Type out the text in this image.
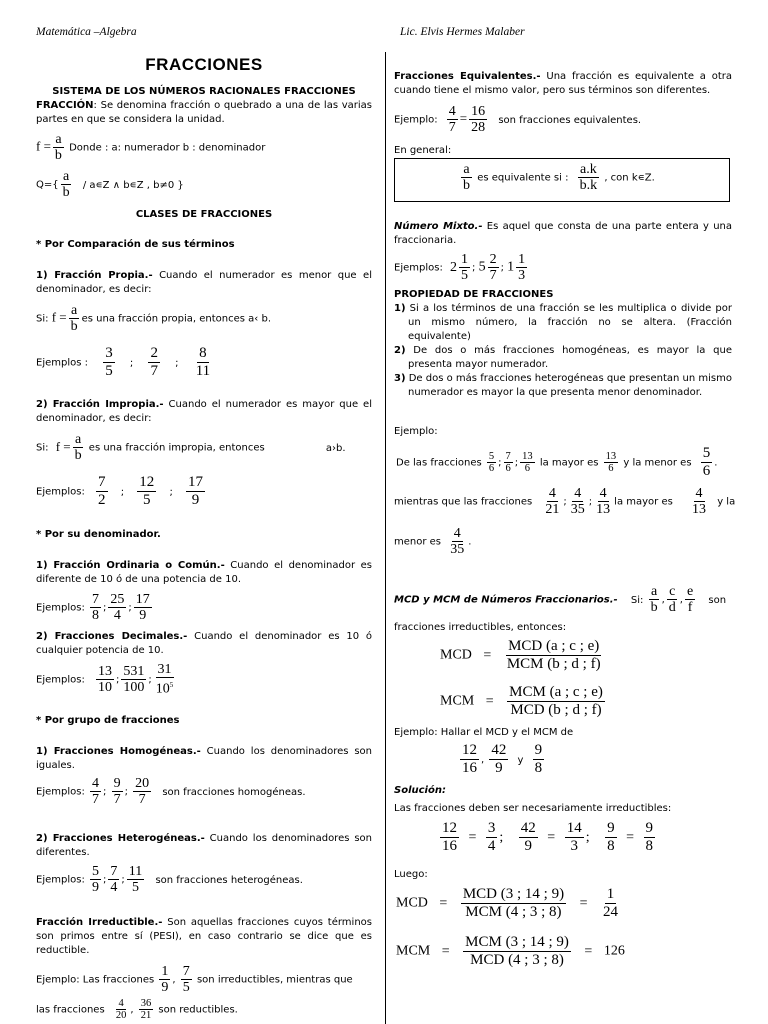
Matemática –Algebra	Lic. Elvis Hermes Malaber
FRACCIONES
SISTEMA DE LOS NÚMEROS RACIONALES FRACCIONES
FRACCIÓN: Se denomina fracción o quebrado a una de las varias partes en que se considera la unidad.
$f = \frac{a}{b}$ Donde : a: numerador b : denominador
$Q=\{ \frac{a}{b}$ / a∊Z ∧ b∊Z , b≠0 }
CLASES DE FRACCIONES
* Por Comparación de sus términos
1) Fracción Propia.- Cuando el numerador es menor que el denominador, es decir:
Si: $f = \frac{a}{b}$ es una fracción propia, entonces a‹ b.
Ejemplos : $\frac{3}{5}$ ; $\frac{2}{7}$ ; $\frac{8}{11}$
2) Fracción Impropia.- Cuando el numerador es mayor que el denominador, es decir:
Si: $f = \frac{a}{b}$ es una fracción impropia, entonces	a›b.
Ejemplos: $\frac{7}{2}$ ; $\frac{12}{5}$ ; $\frac{17}{9}$
* Por su denominador.
1) Fracción Ordinaria o Común.- Cuando el denominador es diferente de 10 ó de una potencia de 10.
Ejemplos: $\frac{7}{8}$ ; $\frac{25}{4}$ ; $\frac{17}{9}$
2) Fracciones Decimales.- Cuando el denominador es 10 ó cualquier potencia de 10.
Ejemplos: $\frac{13}{10}$ ; $\frac{531}{100}$ ; $\frac{31}{10^5}$
* Por grupo de fracciones
1) Fracciones Homogéneas.- Cuando los denominadores son iguales.
Ejemplos: $\frac{4}{7}$ ; $\frac{9}{7}$ ; $\frac{20}{7}$ son fracciones homogéneas.
2) Fracciones Heterogéneas.- Cuando los denominadores son diferentes.
Ejemplos: $\frac{5}{9}$ ; $\frac{7}{4}$ ; $\frac{11}{5}$ son fracciones heterogéneas.
Fracción Irreductible.- Son aquellas fracciones cuyos términos son primos entre sí (PESI), en caso contrario se dice que es reductible.
Ejemplo: Las fracciones $\frac{1}{9}$ , $\frac{7}{5}$ son irreductibles, mientras que
las fracciones $\frac{4}{20}$ , $\frac{36}{21}$ son reductibles.
Fracciones Equivalentes.- Una fracción es equivalente a otra cuando tiene el mismo valor, pero sus términos son diferentes.
Ejemplo: $\frac{4}{7} = \frac{16}{28}$ son fracciones equivalentes.
En general:
$\frac{a}{b}$ es equivalente si : $\frac{a.k}{b.k}$ , con k∊Z.
Número Mixto.- Es aquel que consta de una parte entera y una fraccionaria.
Ejemplos: $2 \frac{1}{5}$ ; $5 \frac{2}{7}$ ; $1 \frac{1}{3}$
PROPIEDAD DE FRACCIONES
1) Si a los términos de una fracción se les multiplica o divide por un mismo número, la fracción no se altera. (Fracción equivalente)
2) De dos o más fracciones homogéneas, es mayor la que presenta mayor numerador.
3) De dos o más fracciones heterogéneas que presentan un mismo numerador es mayor la que presenta menor denominador.
Ejemplo:
De las fracciones $\frac{5}{6}$ ; $\frac{7}{6}$ ; $\frac{13}{6}$ la mayor es $\frac{13}{6}$ y la menor es $\frac{5}{6}$ .
mientras que las fracciones $\frac{4}{21}$ ; $\frac{4}{35}$ ; $\frac{4}{13}$ la mayor es $\frac{4}{13}$ y la
menor es $\frac{4}{35}$ .
MCD y MCM de Números Fraccionarios.- Si: $\frac{a}{b}$ , $\frac{c}{d}$ , $\frac{e}{f}$ son
fracciones irreductibles, entonces:
MCD = $\frac{\text{MCD (a ; c ; e)}}{\text{MCM (b ; d ; f)}}$
MCM = $\frac{\text{MCM (a ; c ; e)}}{\text{MCD (b ; d ; f)}}$
Ejemplo: Hallar el MCD y el MCM de
$\frac{12}{16}$ , $\frac{42}{9}$ y $\frac{9}{8}$
Solución:
Las fracciones deben ser necesariamente irreductibles:
$\frac{12}{16} = \frac{3}{4}$ ; $\frac{42}{9} = \frac{14}{3}$ ; $\frac{9}{8} = \frac{9}{8}$
Luego:
MCD = $\frac{\text{MCD (3 ; 14 ; 9)}}{\text{MCM (4 ; 3 ; 8)}} = \frac{1}{24}$
MCM = $\frac{\text{MCM (3 ; 14 ; 9)}}{\text{MCD (4 ; 3 ; 8)}} = 126$
